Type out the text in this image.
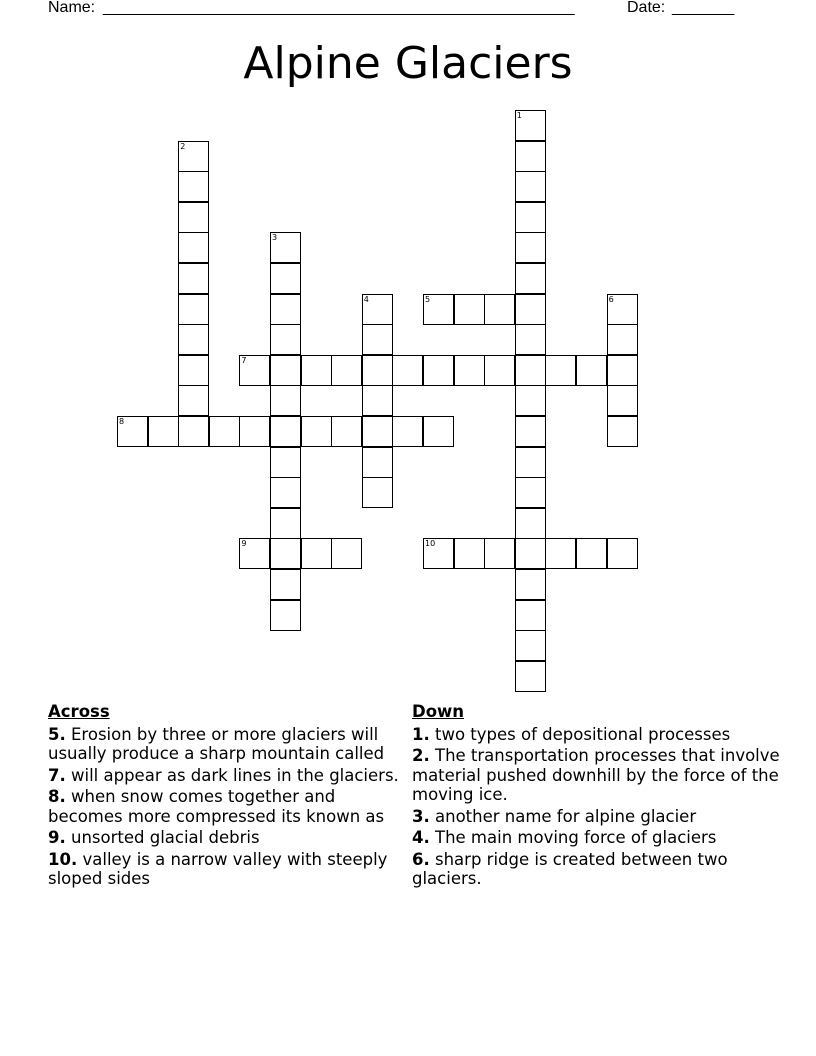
Name: _____________________________________________________	Date: _______
Alpine Glaciers
1
2
3
4	5	6
7
8
9	10
Across
5. Erosion by three or more glaciers will usually produce a sharp mountain called
7. will appear as dark lines in the glaciers.
8. when snow comes together and becomes more compressed its known as
9. unsorted glacial debris
10. valley is a narrow valley with steeply sloped sides
Down
1. two types of depositional processes
2. The transportation processes that involve material pushed downhill by the force of the moving ice.
3. another name for alpine glacier
4. The main moving force of glaciers
6. sharp ridge is created between two glaciers.
